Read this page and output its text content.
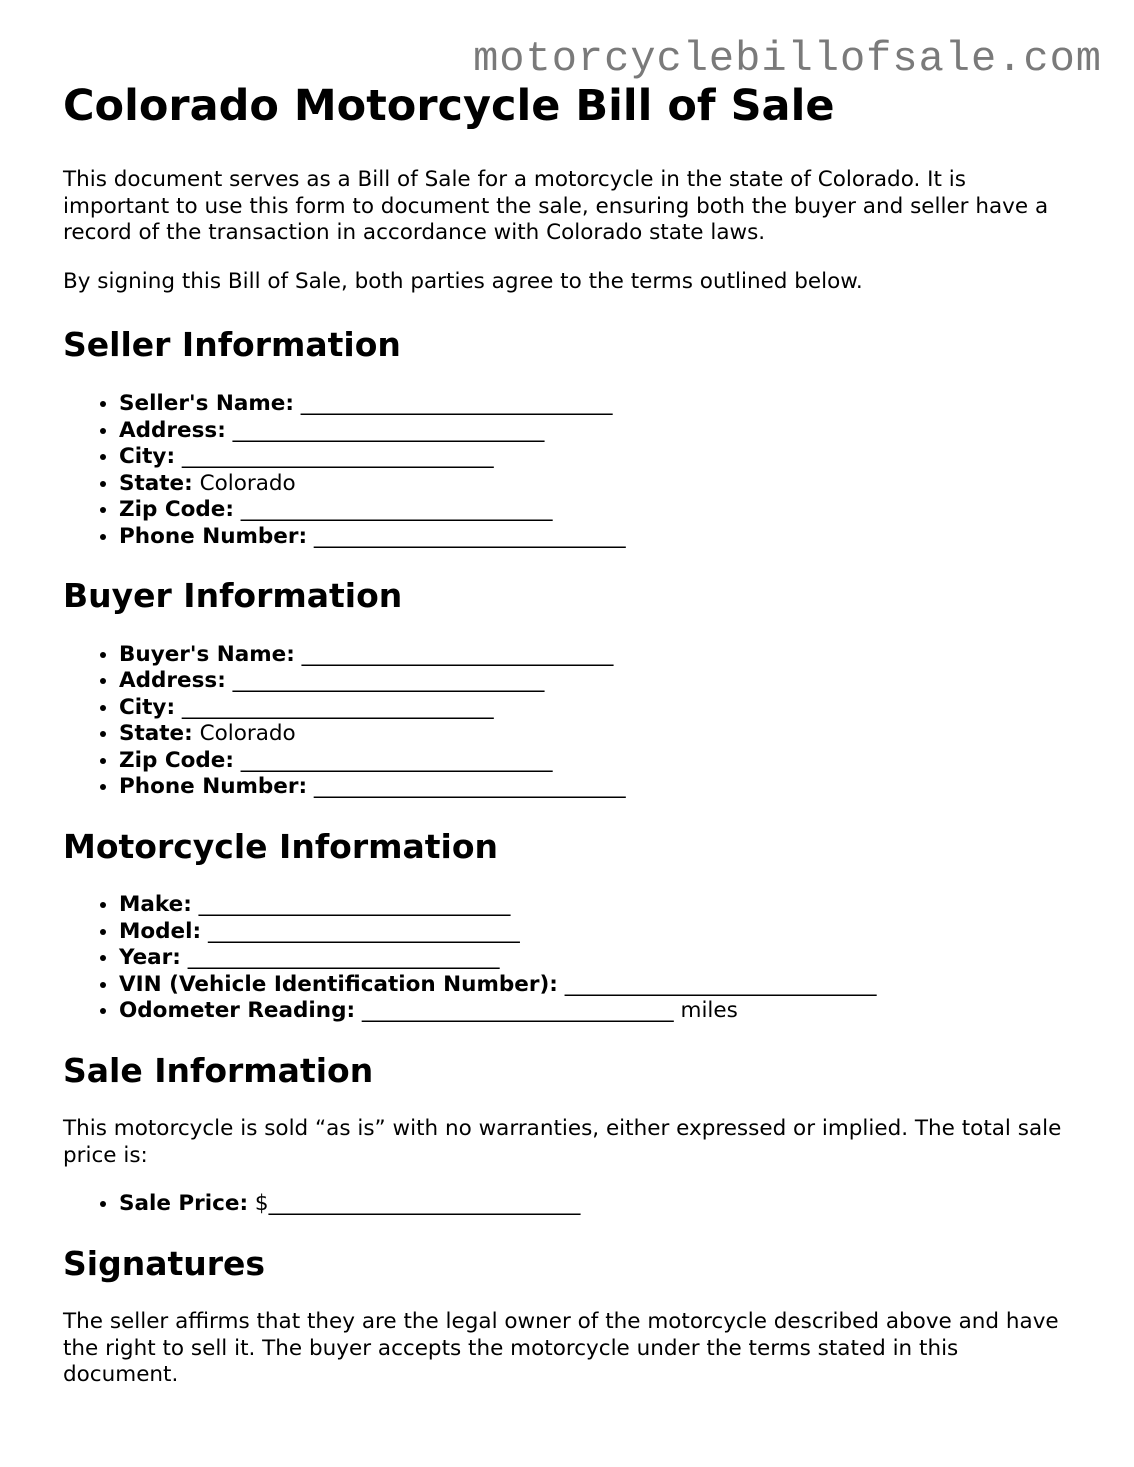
motorcyclebillofsale.com
Colorado Motorcycle Bill of Sale

This document serves as a Bill of Sale for a motorcycle in the state of Colorado. It is important to use this form to document the sale, ensuring both the buyer and seller have a record of the transaction in accordance with Colorado state laws.

By signing this Bill of Sale, both parties agree to the terms outlined below.

Seller Information
• Seller's Name: _____________________________
• Address: _____________________________
• City: _____________________________
• State: Colorado
• Zip Code: _____________________________
• Phone Number: _____________________________
Buyer Information
• Buyer's Name: _____________________________
• Address: _____________________________
• City: _____________________________
• State: Colorado
• Zip Code: _____________________________
• Phone Number: _____________________________
Motorcycle Information
• Make: _____________________________
• Model: _____________________________
• Year: _____________________________
• VIN (Vehicle Identification Number): _____________________________
• Odometer Reading: _____________________________ miles
Sale Information

This motorcycle is sold “as is” with no warranties, either expressed or implied. The total sale price is:

• Sale Price: $_____________________________
Signatures

The seller affirms that they are the legal owner of the motorcycle described above and have the right to sell it. The buyer accepts the motorcycle under the terms stated in this document.
